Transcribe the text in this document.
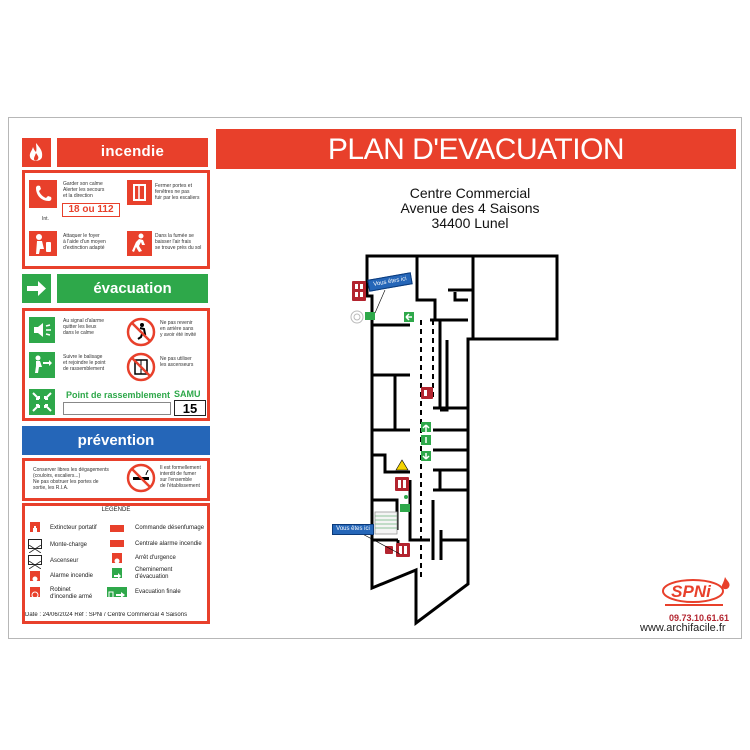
incendie
Garder son calme
Alerter les secours
et la direction
18 ou 112
Int.
Fermer portes et
fenêtres ne pas
fuir par les escaliers
Attaquer le foyer
à l'aide d'un moyen
d'extinction adapté
Dans la fumée se
baisser l'air frais
se trouve près du sol
évacuation
Au signal d'alarme
quitter les lieux
dans le calme
Ne pas revenir
en arrière sans
y avoir été invité
Suivre le balisage
et rejoindre le point
de rassemblement
Ne pas utiliser
les ascenseurs
Point de rassemblement SAMU
15
prévention
Conserver libres les dégagements
(couloirs, escaliers...)
Ne pas obstruer les portes de
sortie, les R.I.A.
Il est formellement
interdit de fumer
sur l'ensemble
de l'établissement
LEGENDE
Extincteur portatif
Monte-charge
Ascenseur
Alarme incendie
Robinet d'incendie armé
Commande désenfumage
Centrale alarme incendie
Arrêt d'urgence
Cheminement d'évacuation
Evacuation finale
Date : 24/06/2024 Réf : SPNi / Centre Commercial 4 Saisons
PLAN D'EVACUATION
Centre Commercial
Avenue des 4 Saisons
34400 Lunel
Vous êtes ici
Vous êtes ici
SPNi
09.73.10.61.61
www.archifacile.fr
